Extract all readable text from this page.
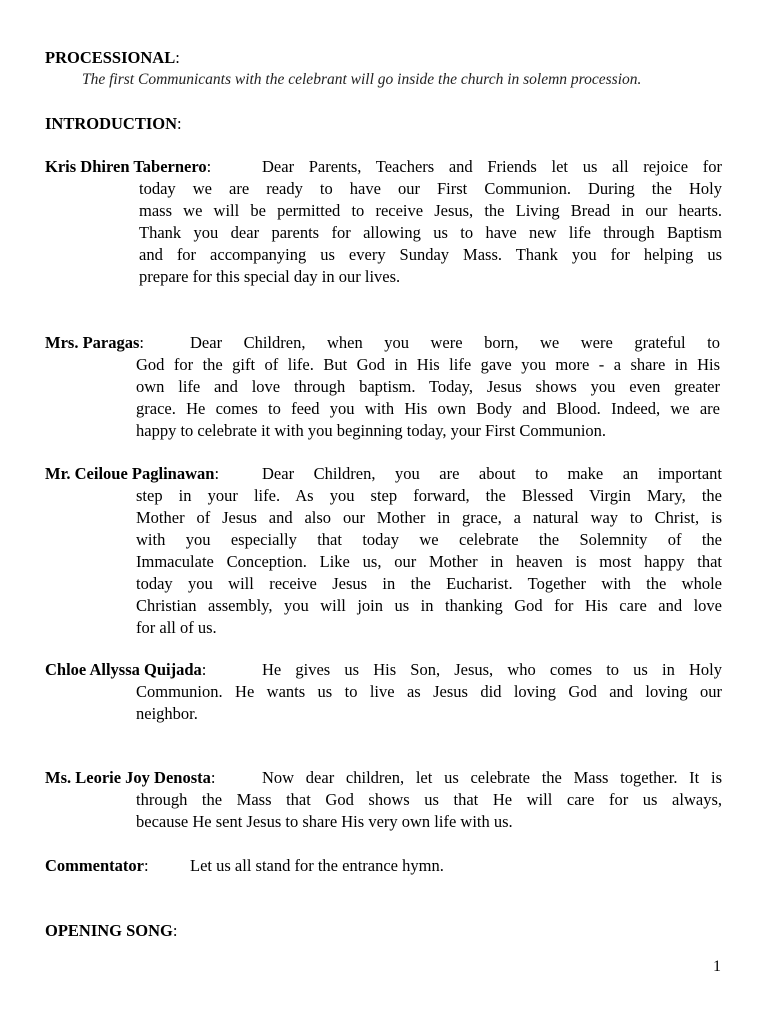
PROCESSIONAL:
The first Communicants with the celebrant will go inside the church in solemn procession.
INTRODUCTION:
Kris Dhiren Tabernero:	Dear Parents, Teachers and Friends let us all rejoice for
today we are ready to have our First Communion. During the Holy
mass we will be permitted to receive Jesus, the Living Bread in our hearts.
Thank you dear parents for allowing us to have new life through Baptism
and for accompanying us every Sunday Mass. Thank you for helping us
prepare for this special day in our lives.
Mrs. Paragas:	Dear Children, when you were born, we were grateful to
God for the gift of life. But God in His life gave you more - a share in His
own life and love through baptism. Today, Jesus shows you even greater
grace. He comes to feed you with His own Body and Blood. Indeed, we are
happy to celebrate it with you beginning today, your First Communion.
Mr. Ceiloue Paglinawan:	Dear Children, you are about to make an important
step in your life. As you step forward, the Blessed Virgin Mary, the
Mother of Jesus and also our Mother in grace, a natural way to Christ, is
with you especially that today we celebrate the Solemnity of the
Immaculate Conception. Like us, our Mother in heaven is most happy that
today you will receive Jesus in the Eucharist. Together with the whole
Christian assembly, you will join us in thanking God for His care and love
for all of us.
Chloe Allyssa Quijada:	He gives us His Son, Jesus, who comes to us in Holy
Communion. He wants us to live as Jesus did loving God and loving our
neighbor.
Ms. Leorie Joy Denosta:	Now dear children, let us celebrate the Mass together. It is
through the Mass that God shows us that He will care for us always,
because He sent Jesus to share His very own life with us.
Commentator:	Let us all stand for the entrance hymn.
OPENING SONG:
1
